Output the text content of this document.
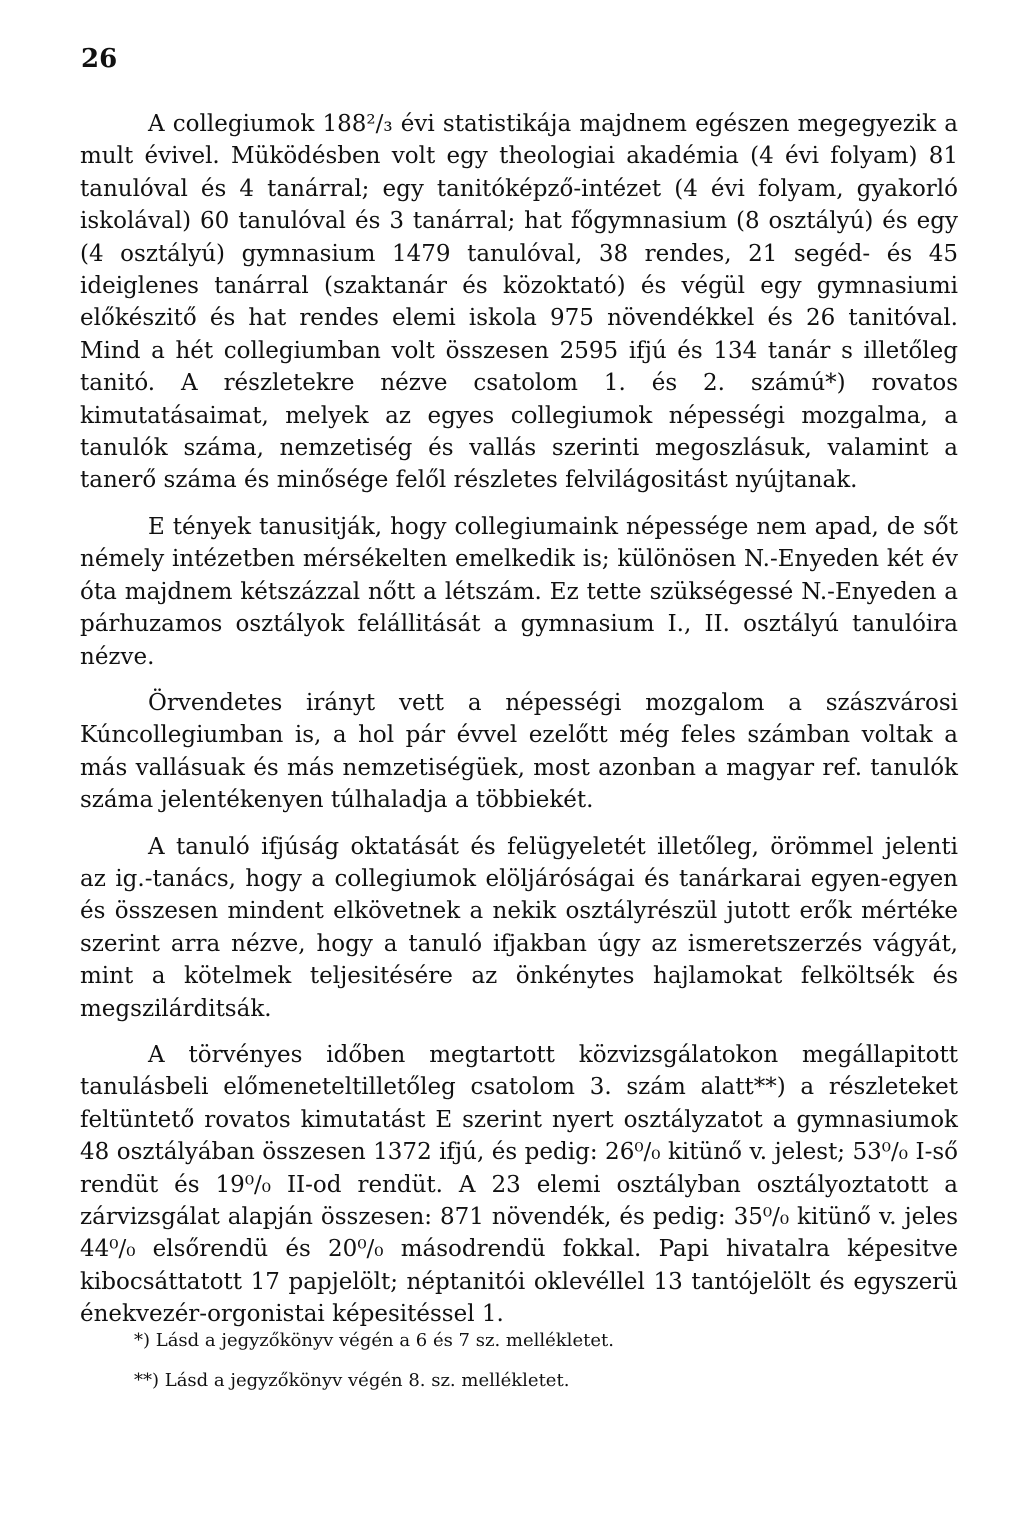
26

A collegiumok 188²/₃ évi statistikája majdnem egészen megegyezik a mult évivel. Müködésben volt egy theologiai akadémia (4 évi folyam) 81 tanulóval és 4 tanárral; egy tanitóképző-intézet (4 évi folyam, gyakorló iskolával) 60 tanulóval és 3 tanárral; hat főgymnasium (8 osztályú) és egy (4 osztályú) gymnasium 1479 tanulóval, 38 rendes, 21 segéd- és 45 ideiglenes tanárral (szaktanár és közoktató) és végül egy gymnasiumi előkészitő és hat rendes elemi iskola 975 növendékkel és 26 tanitóval. Mind a hét collegiumban volt összesen 2595 ifjú és 134 tanár s illetőleg tanitó. A részletekre nézve csatolom 1. és 2. számú*) rovatos kimutatásaimat, melyek az egyes collegiumok népességi mozgalma, a tanulók száma, nemzetiség és vallás szerinti megoszlásuk, valamint a tanerő száma és minősége felől részletes felvilágositást nyújtanak.

E tények tanusitják, hogy collegiumaink népessége nem apad, de sőt némely intézetben mérsékelten emelkedik is; különösen N.-Enyeden két év óta majdnem kétszázzal nőtt a létszám. Ez tette szükségessé N.-Enyeden a párhuzamos osztályok felállitását a gymnasium I., II. osztályú tanulóira nézve.

Örvendetes irányt vett a népességi mozgalom a szászvárosi Kúncollegiumban is, a hol pár évvel ezelőtt még feles számban voltak a más vallásuak és más nemzetiségüek, most azonban a magyar ref. tanulók száma jelentékenyen túlhaladja a többiekét.

A tanuló ifjúság oktatását és felügyeletét illetőleg, örömmel jelenti az ig.-tanács, hogy a collegiumok elöljáróságai és tanárkarai egyen-egyen és összesen mindent elkövetnek a nekik osztályrészül jutott erők mértéke szerint arra nézve, hogy a tanuló ifjakban úgy az ismeretszerzés vágyát, mint a kötelmek teljesitésére az önkénytes hajlamokat felköltsék és megszilárditsák.

A törvényes időben megtartott közvizsgálatokon megállapitott tanulásbeli előmeneteltilletőleg csatolom 3. szám alatt**) a részleteket feltüntető rovatos kimutatást E szerint nyert osztályzatot a gymnasiumok 48 osztályában összesen 1372 ifjú, és pedig: 26⁰/₀ kitünő v. jelest; 53⁰/₀ I-ső rendüt és 19⁰/₀ II-od rendüt. A 23 elemi osztályban osztályoztatott a zárvizsgálat alapján összesen: 871 növendék, és pedig: 35⁰/₀ kitünő v. jeles 44⁰/₀ elsőrendü és 20⁰/₀ másodrendü fokkal. Papi hivatalra képesitve kibocsáttatott 17 papjelölt; néptanitói oklevéllel 13 tantójelölt és egyszerü énekvezér-orgonistai képesitéssel 1.

*) Lásd a jegyzőkönyv végén a 6 és 7 sz. mellékletet.

**) Lásd a jegyzőkönyv végén 8. sz. mellékletet.
